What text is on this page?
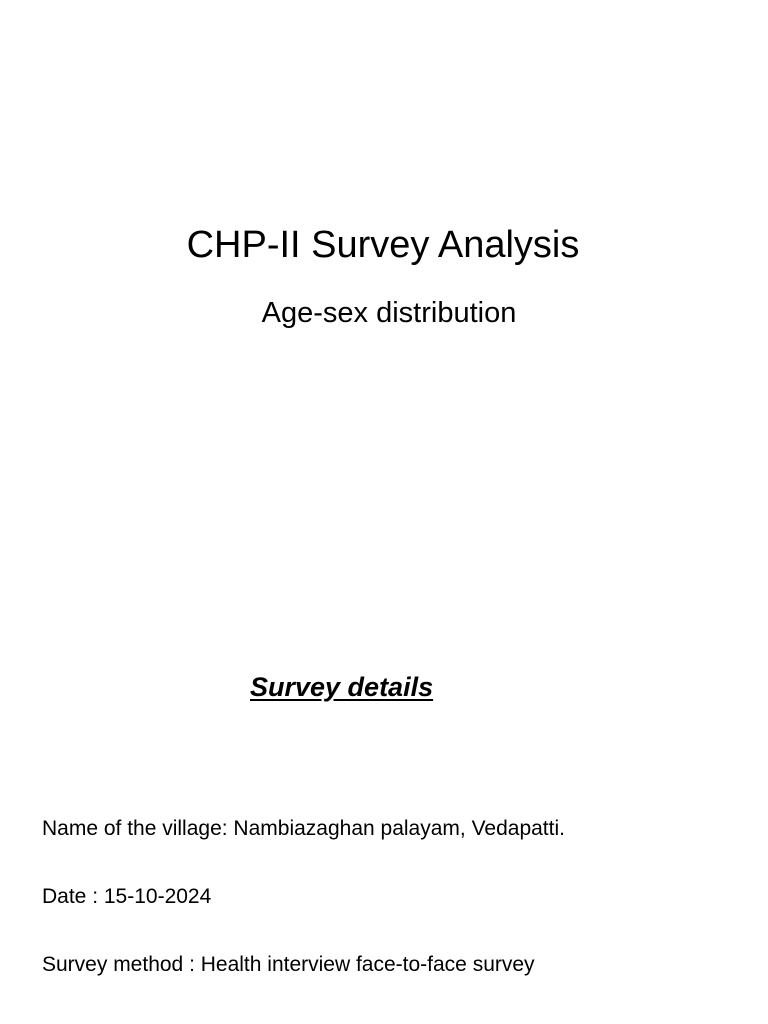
CHP-II Survey Analysis
Age-sex distribution
Survey details
Name of the village: Nambiazaghan palayam, Vedapatti.
Date : 15-10-2024
Survey method : Health interview face-to-face survey
